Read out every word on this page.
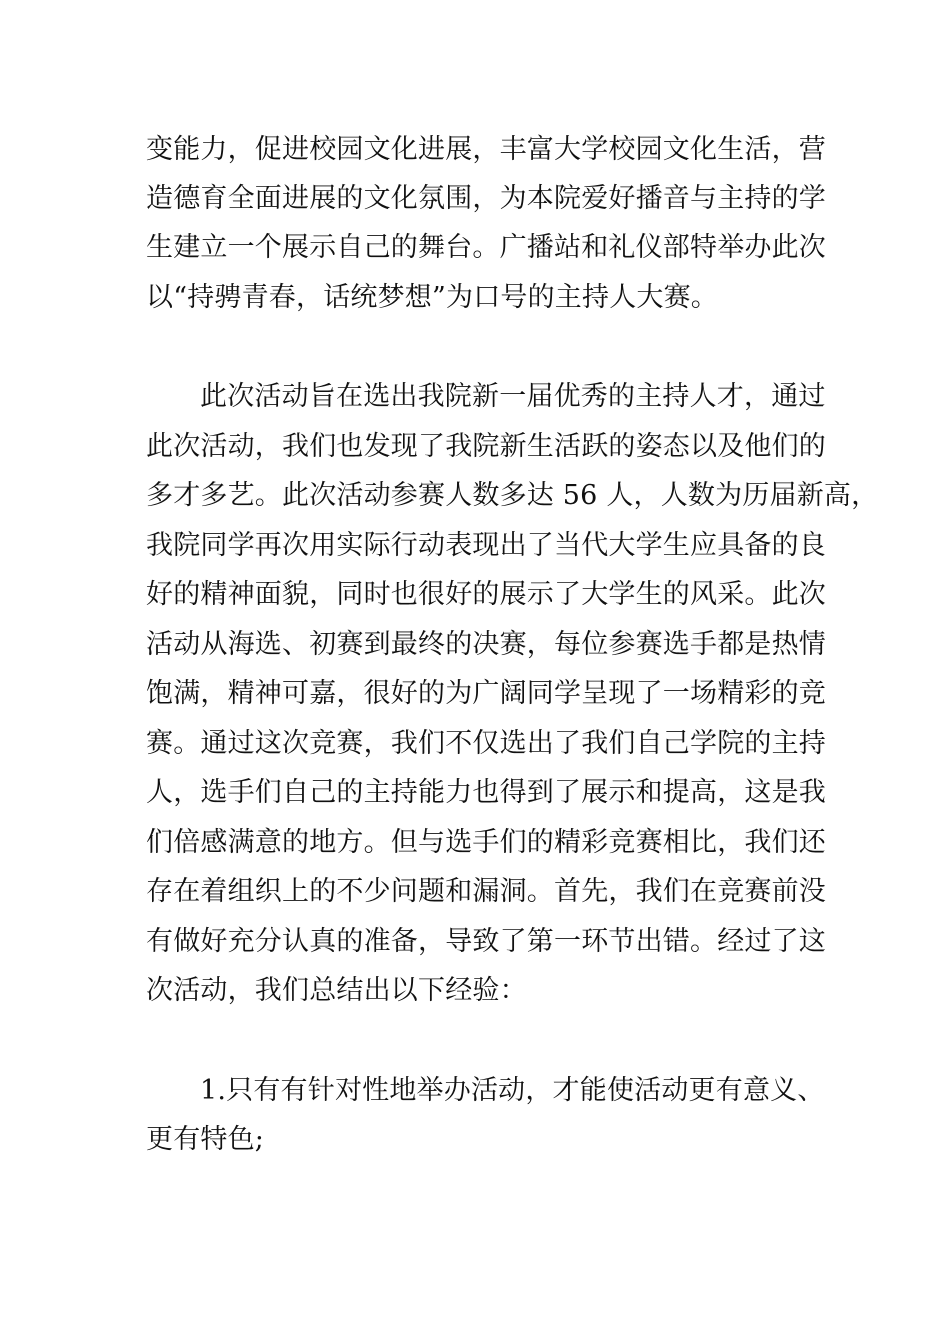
变能力，促进校园文化进展，丰富大学校园文化生活，营
造德育全面进展的文化氛围，为本院爱好播音与主持的学
生建立一个展示自己的舞台。广播站和礼仪部特举办此次
以“持骋青春，话统梦想”为口号的主持人大赛。
此次活动旨在选出我院新一届优秀的主持人才，通过
此次活动，我们也发现了我院新生活跃的姿态以及他们的
多才多艺。此次活动参赛人数多达 56 人，人数为历届新高，
我院同学再次用实际行动表现出了当代大学生应具备的良
好的精神面貌，同时也很好的展示了大学生的风采。此次
活动从海选、初赛到最终的决赛，每位参赛选手都是热情
饱满，精神可嘉，很好的为广阔同学呈现了一场精彩的竞
赛。通过这次竞赛，我们不仅选出了我们自己学院的主持
人，选手们自己的主持能力也得到了展示和提高，这是我
们倍感满意的地方。但与选手们的精彩竞赛相比，我们还
存在着组织上的不少问题和漏洞。首先，我们在竞赛前没
有做好充分认真的准备，导致了第一环节出错。经过了这
次活动，我们总结出以下经验：
1.只有有针对性地举办活动，才能使活动更有意义、
更有特色;
